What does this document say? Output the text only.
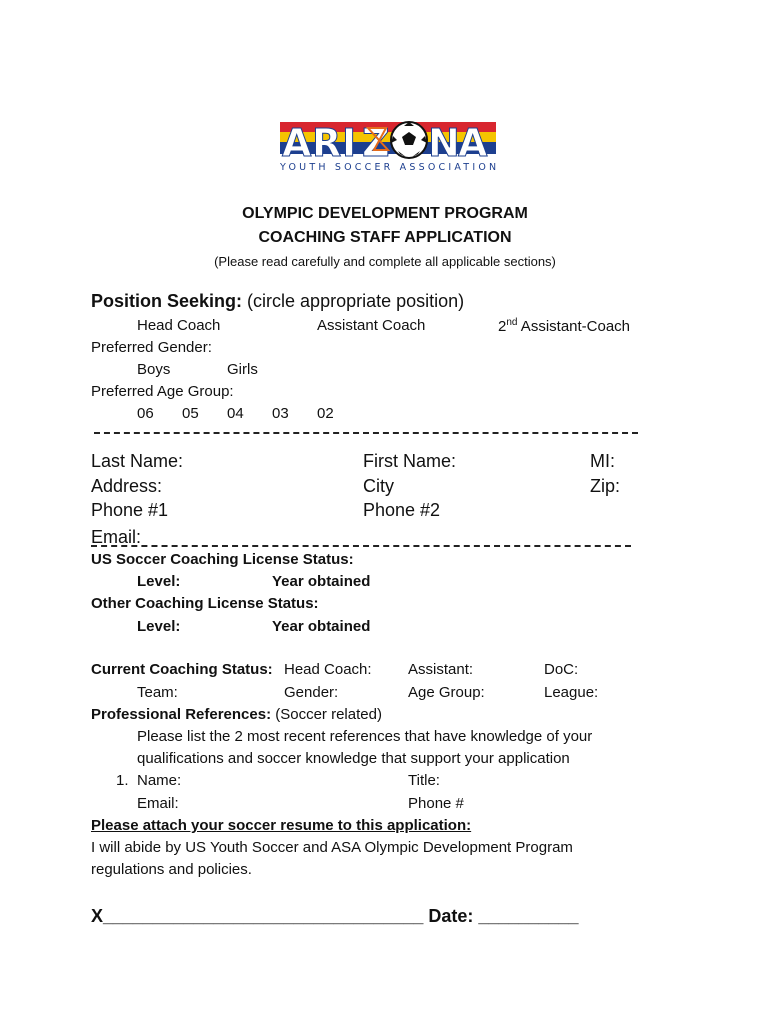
A R I Z N
A
YOUTH SOCCER ASSOCIATION
OLYMPIC DEVELOPMENT PROGRAM
COACHING STAFF APPLICATION
(Please read carefully and complete all applicable sections)
Position Seeking: (circle appropriate position)
Head Coach	Assistant Coach	2nd Assistant-Coach
Preferred Gender:
Boys	Girls
Preferred Age Group:
06 05 04 03 02
Last Name:	First Name:	MI:
Address:	City	Zip:
Phone #1	Phone #2
Email:
US Soccer Coaching License Status:
Level:	Year obtained
Other Coaching License Status:
Level:	Year obtained
Current Coaching Status: Head Coach: Assistant:	DoC:
Team:	Gender:	Age Group:	League:
Professional References: (Soccer related)
Please list the 2 most recent references that have knowledge of your
qualifications and soccer knowledge that support your application
1. Name:	Title:
Email:	Phone #
Please attach your soccer resume to this application:
I will abide by US Youth Soccer and ASA Olympic Development Program
regulations and policies.
X________________________________ Date: __________
